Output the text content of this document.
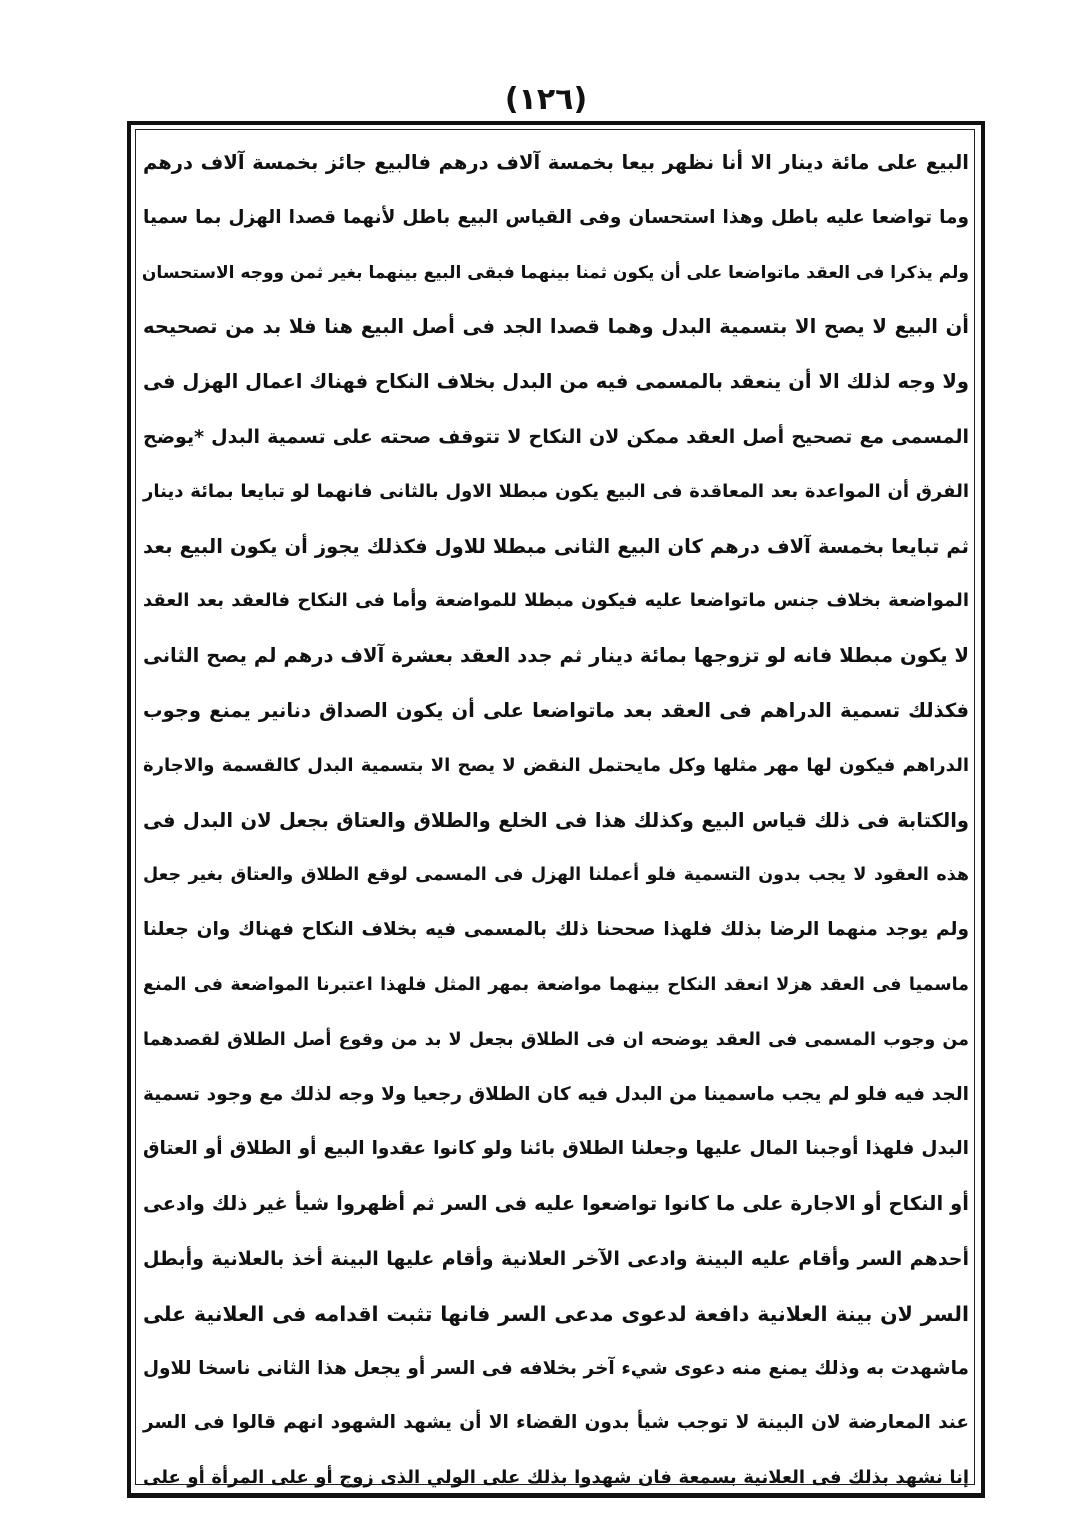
(١٢٦)
البيع على مائة دينار الا أنا نظهر بيعا بخمسة آلاف درهم فالبيع جائز بخمسة آلاف درهم
وما تواضعا عليه باطل وهذا استحسان وفى القياس البيع باطل لأنهما قصدا الهزل بما سميا
ولم يذكرا فى العقد ماتواضعا على أن يكون ثمنا بينهما فبقى البيع بينهما بغير ثمن ووجه الاستحسان
أن البيع لا يصح الا بتسمية البدل وهما قصدا الجد فى أصل البيع هنا فلا بد من تصحيحه
ولا وجه لذلك الا أن ينعقد بالمسمى فيه من البدل بخلاف النكاح فهناك اعمال الهزل فى
المسمى مع تصحيح أصل العقد ممكن لان النكاح لا تتوقف صحته على تسمية البدل *يوضح
الفرق أن المواعدة بعد المعاقدة فى البيع يكون مبطلا الاول بالثانى فانهما لو تبايعا بمائة دينار
ثم تبايعا بخمسة آلاف درهم كان البيع الثانى مبطلا للاول فكذلك يجوز أن يكون البيع بعد
المواضعة بخلاف جنس ماتواضعا عليه فيكون مبطلا للمواضعة وأما فى النكاح فالعقد بعد العقد
لا يكون مبطلا فانه لو تزوجها بمائة دينار ثم جدد العقد بعشرة آلاف درهم لم يصح الثانى
فكذلك تسمية الدراهم فى العقد بعد ماتواضعا على أن يكون الصداق دنانير يمنع وجوب
الدراهم فيكون لها مهر مثلها وكل مايحتمل النقض لا يصح الا بتسمية البدل كالقسمة والاجارة
والكتابة فى ذلك قياس البيع وكذلك هذا فى الخلع والطلاق والعتاق بجعل لان البدل فى
هذه العقود لا يجب بدون التسمية فلو أعملنا الهزل فى المسمى لوقع الطلاق والعتاق بغير جعل
ولم يوجد منهما الرضا بذلك فلهذا صححنا ذلك بالمسمى فيه بخلاف النكاح فهناك وان جعلنا
ماسميا فى العقد هزلا انعقد النكاح بينهما مواضعة بمهر المثل فلهذا اعتبرنا المواضعة فى المنع
من وجوب المسمى فى العقد يوضحه ان فى الطلاق بجعل لا بد من وقوع أصل الطلاق لقصدهما
الجد فيه فلو لم يجب ماسمينا من البدل فيه كان الطلاق رجعيا ولا وجه لذلك مع وجود تسمية
البدل فلهذا أوجبنا المال عليها وجعلنا الطلاق بائنا ولو كانوا عقدوا البيع أو الطلاق أو العتاق
أو النكاح أو الاجارة على ما كانوا تواضعوا عليه فى السر ثم أظهروا شيأ غير ذلك وادعى
أحدهم السر وأقام عليه البينة وادعى الآخر العلانية وأقام عليها البينة أخذ بالعلانية وأبطل
السر لان بينة العلانية دافعة لدعوى مدعى السر فانها تثبت اقدامه فى العلانية على
ماشهدت به وذلك يمنع منه دعوى شيء آخر بخلافه فى السر أو يجعل هذا الثانى ناسخا للاول
عند المعارضة لان البينة لا توجب شيأ بدون القضاء الا أن يشهد الشهود انهم قالوا فى السر
إنا نشهد بذلك فى العلانية بسمعة فان شهدوا بذلك على الولي الذى زوج أو على المرأة أو على
